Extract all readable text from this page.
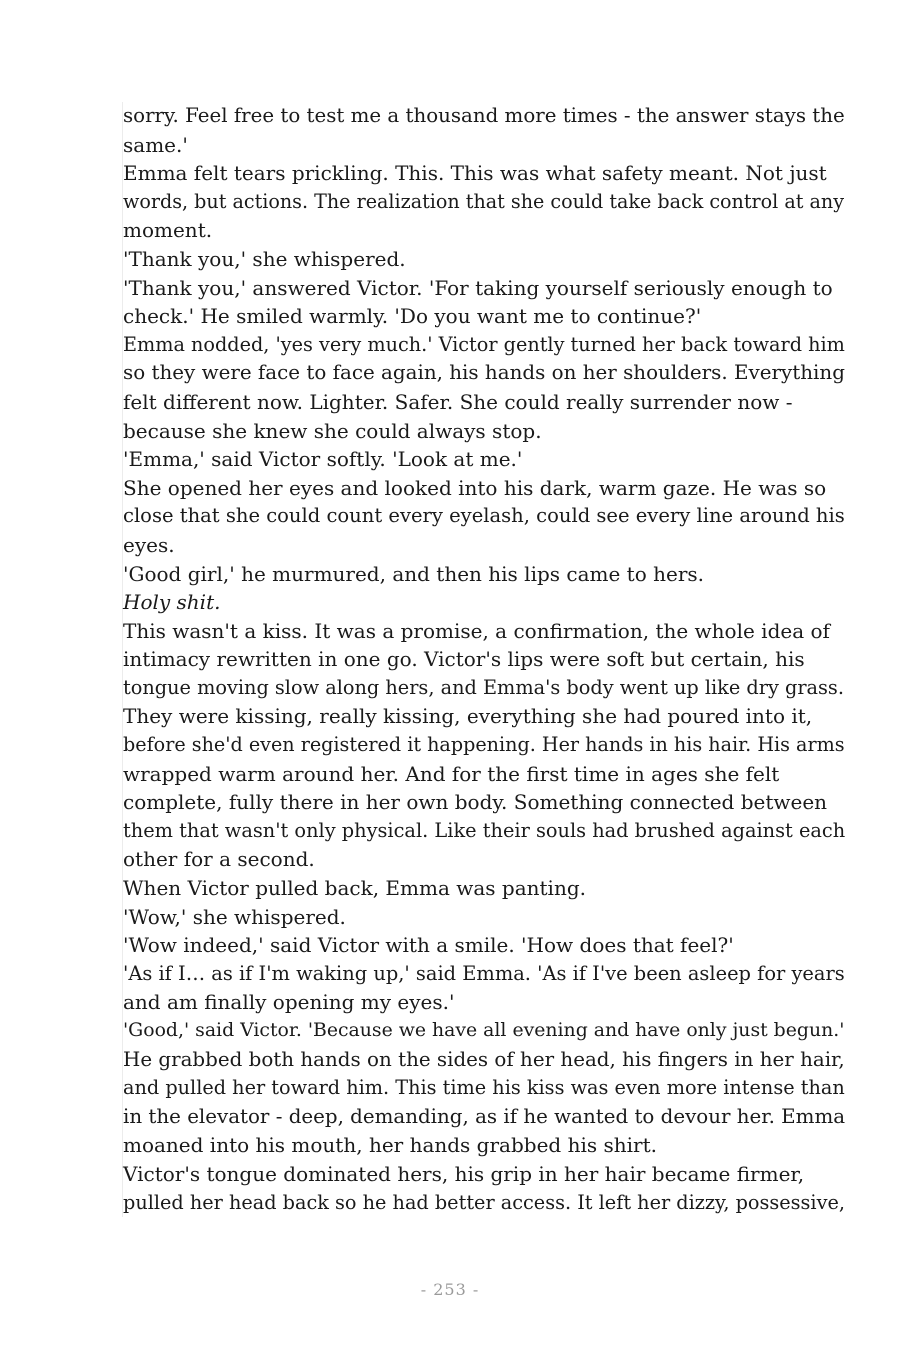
sorry. Feel free to test me a thousand more times - the answer stays the

same.'

Emma felt tears prickling. This. This was what safety meant. Not just

words, but actions. The realization that she could take back control at any

moment.

'Thank you,' she whispered.

'Thank you,' answered Victor. 'For taking yourself seriously enough to

check.' He smiled warmly. 'Do you want me to continue?'

Emma nodded, 'yes very much.' Victor gently turned her back toward him

so they were face to face again, his hands on her shoulders. Everything

felt different now. Lighter. Safer. She could really surrender now -

because she knew she could always stop.

'Emma,' said Victor softly. 'Look at me.'

She opened her eyes and looked into his dark, warm gaze. He was so

close that she could count every eyelash, could see every line around his

eyes.

'Good girl,' he murmured, and then his lips came to hers.

Holy shit.

This wasn't a kiss. It was a promise, a confirmation, the whole idea of

intimacy rewritten in one go. Victor's lips were soft but certain, his

tongue moving slow along hers, and Emma's body went up like dry grass.

They were kissing, really kissing, everything she had poured into it,

before she'd even registered it happening. Her hands in his hair. His arms

wrapped warm around her. And for the first time in ages she felt

complete, fully there in her own body. Something connected between

them that wasn't only physical. Like their souls had brushed against each

other for a second.

When Victor pulled back, Emma was panting.

'Wow,' she whispered.

'Wow indeed,' said Victor with a smile. 'How does that feel?'

'As if I… as if I'm waking up,' said Emma. 'As if I've been asleep for years

and am finally opening my eyes.'

'Good,' said Victor. 'Because we have all evening and have only just begun.'

He grabbed both hands on the sides of her head, his fingers in her hair,

and pulled her toward him. This time his kiss was even more intense than

in the elevator - deep, demanding, as if he wanted to devour her. Emma

moaned into his mouth, her hands grabbed his shirt.

Victor's tongue dominated hers, his grip in her hair became firmer,

pulled her head back so he had better access. It left her dizzy, possessive,

- 253 -
